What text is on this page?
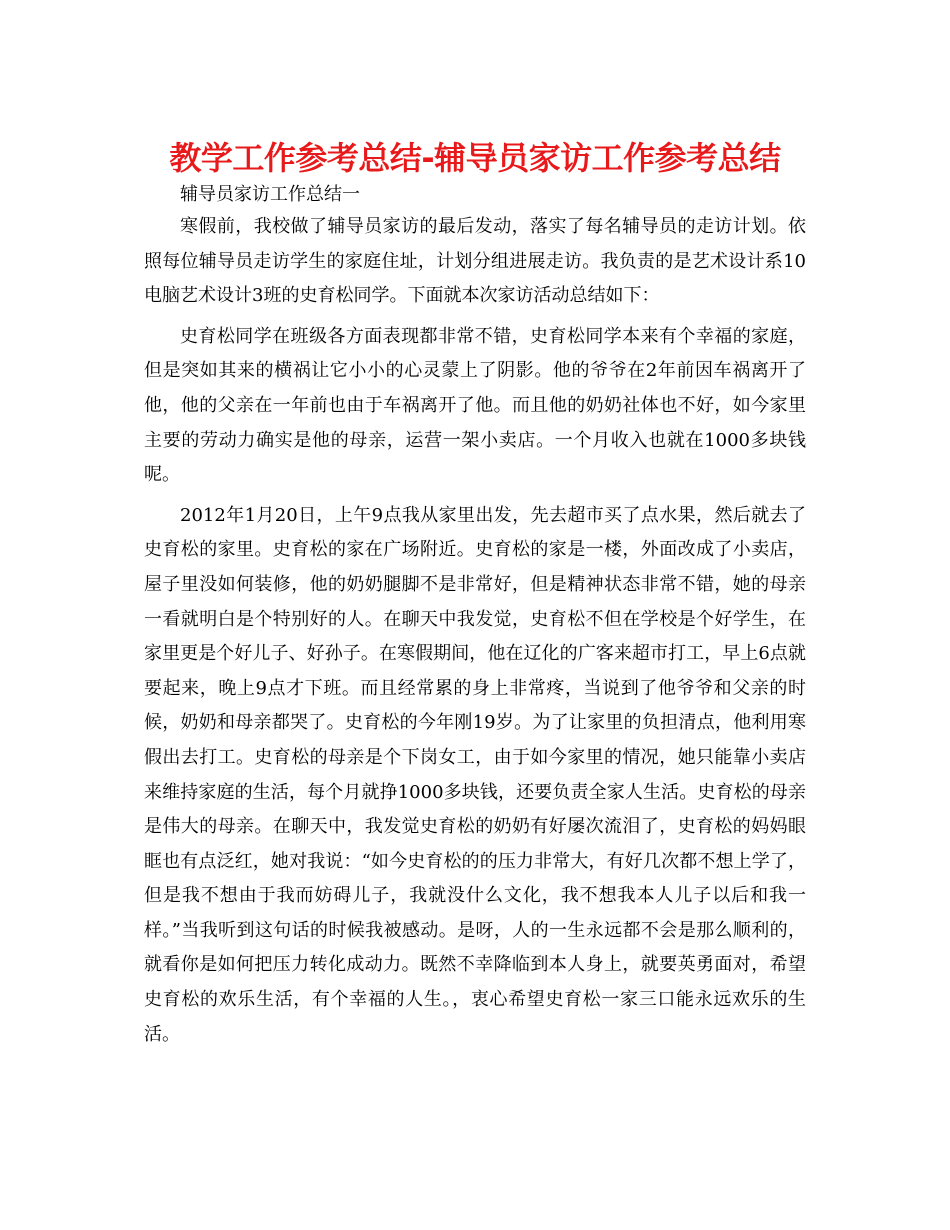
教学工作参考总结-辅导员家访工作参考总结
辅导员家访工作总结一

寒假前，我校做了辅导员家访的最后发动，落实了每名辅导员的走访计划。依照每位辅导员走访学生的家庭住址，计划分组进展走访。我负责的是艺术设计系10电脑艺术设计3班的史育松同学。下面就本次家访活动总结如下：

史育松同学在班级各方面表现都非常不错，史育松同学本来有个幸福的家庭，但是突如其来的横祸让它小小的心灵蒙上了阴影。他的爷爷在2年前因车祸离开了他，他的父亲在一年前也由于车祸离开了他。而且他的奶奶社体也不好，如今家里主要的劳动力确实是他的母亲，运营一架小卖店。一个月收入也就在1000多块钱呢。

2012年1月20日，上午9点我从家里出发，先去超市买了点水果，然后就去了史育松的家里。史育松的家在广场附近。史育松的家是一楼，外面改成了小卖店，屋子里没如何装修，他的奶奶腿脚不是非常好，但是精神状态非常不错，她的母亲一看就明白是个特别好的人。在聊天中我发觉，史育松不但在学校是个好学生，在家里更是个好儿子、好孙子。在寒假期间，他在辽化的广客来超市打工，早上6点就要起来，晚上9点才下班。而且经常累的身上非常疼，当说到了他爷爷和父亲的时候，奶奶和母亲都哭了。史育松的今年刚19岁。为了让家里的负担清点，他利用寒假出去打工。史育松的母亲是个下岗女工，由于如今家里的情况，她只能靠小卖店来维持家庭的生活，每个月就挣1000多块钱，还要负责全家人生活。史育松的母亲是伟大的母亲。在聊天中，我发觉史育松的奶奶有好屡次流泪了，史育松的妈妈眼眶也有点泛红，她对我说：“如今史育松的的压力非常大，有好几次都不想上学了，但是我不想由于我而妨碍儿子，我就没什么文化，我不想我本人儿子以后和我一样。”当我听到这句话的时候我被感动。是呀，人的一生永远都不会是那么顺利的，就看你是如何把压力转化成动力。既然不幸降临到本人身上，就要英勇面对，希望史育松的欢乐生活，有个幸福的人生。，衷心希望史育松一家三口能永远欢乐的生活。
